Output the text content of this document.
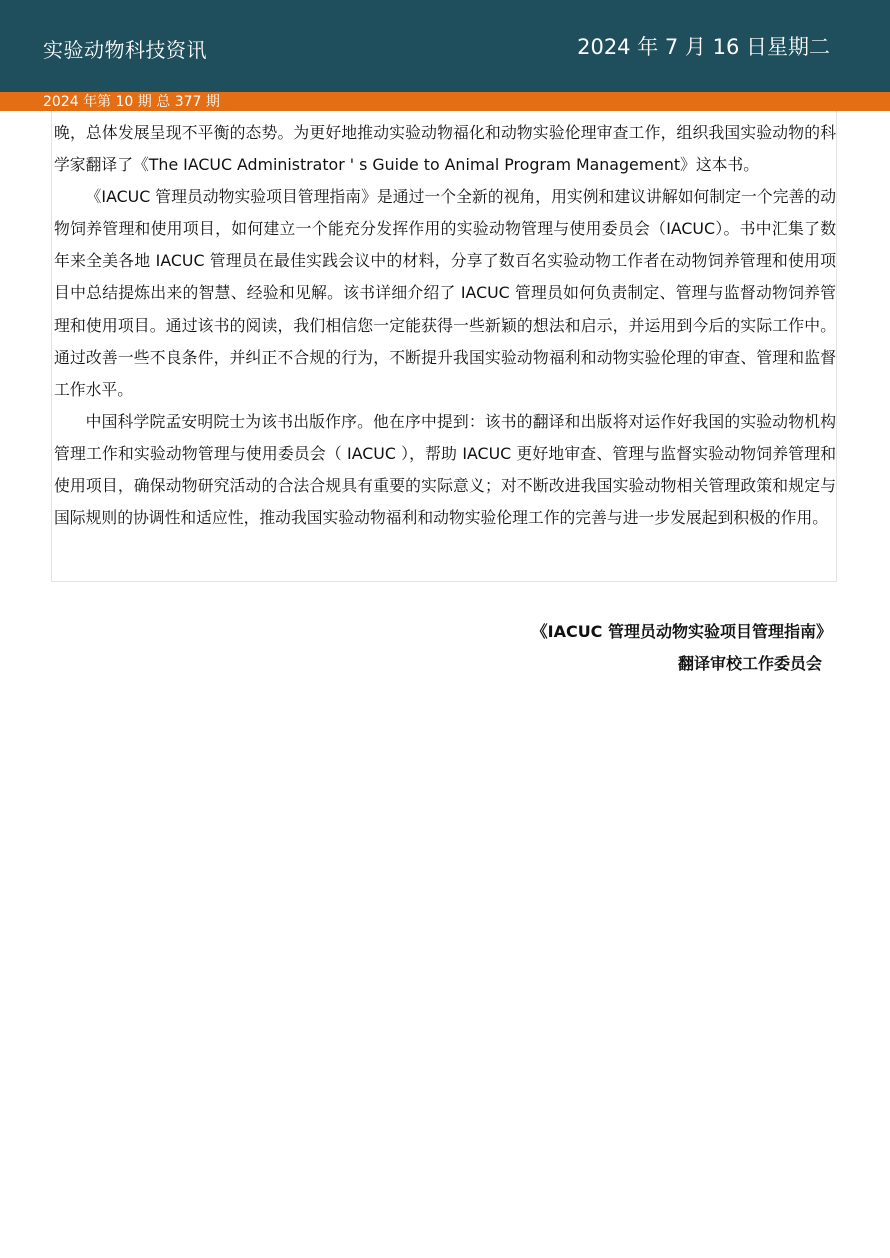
实验动物科技资讯	2024 年 7 月 16 日星期二
2024 年第 10 期 总 377 期

晚，总体发展呈现不平衡的态势。为更好地推动实验动物福化和动物实验伦理审查工作，组织我国实验动物的科学家翻译了《The IACUC Administrator ' s Guide to Animal Program Management》这本书。

《IACUC 管理员动物实验项目管理指南》是通过一个全新的视角，用实例和建议讲解如何制定一个完善的动物饲养管理和使用项目，如何建立一个能充分发挥作用的实验动物管理与使用委员会（IACUC）。书中汇集了数年来全美各地 IACUC 管理员在最佳实践会议中的材料，分享了数百名实验动物工作者在动物饲养管理和使用项目中总结提炼出来的智慧、经验和见解。该书详细介绍了 IACUC 管理员如何负责制定、管理与监督动物饲养管理和使用项目。通过该书的阅读，我们相信您一定能获得一些新颖的想法和启示，并运用到今后的实际工作中。通过改善一些不良条件，并纠正不合规的行为，不断提升我国实验动物福利和动物实验伦理的审查、管理和监督工作水平。

中国科学院孟安明院士为该书出版作序。他在序中提到：该书的翻译和出版将对运作好我国的实验动物机构管理工作和实验动物管理与使用委员会（ IACUC ），帮助 IACUC 更好地审查、管理与监督实验动物饲养管理和使用项目，确保动物研究活动的合法合规具有重要的实际意义；对不断改进我国实验动物相关管理政策和规定与国际规则的协调性和适应性，推动我国实验动物福利和动物实验伦理工作的完善与进一步发展起到积极的作用。

《IACUC 管理员动物实验项目管理指南》
翻译审校工作委员会
